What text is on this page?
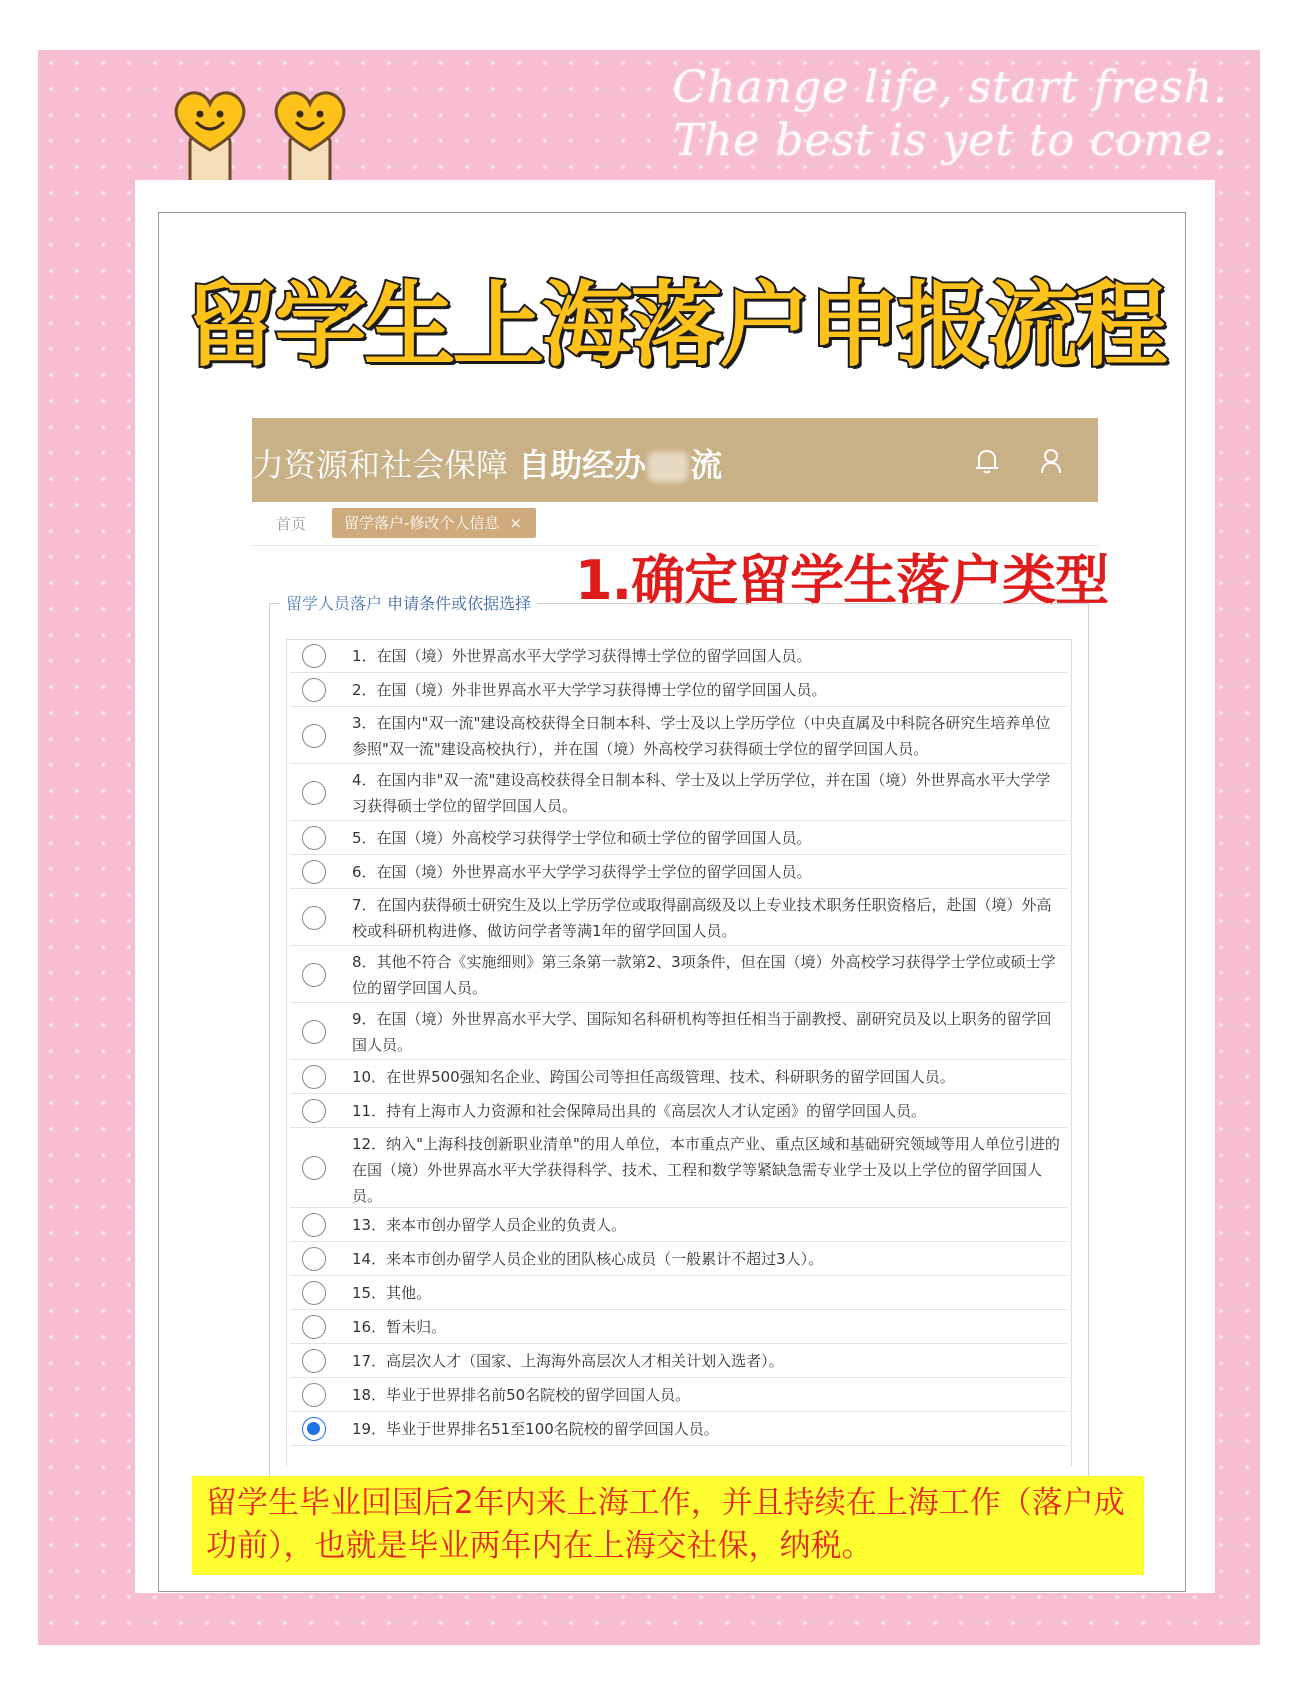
Change life, start fresh.
The best is yet to come.
留学生上海落户申报流程
力资源和社会保障 自助经办 流
首页	留学落户-修改个人信息 ×
1.确定留学生落户类型
留学人员落户 申请条件或依据选择
1．在国（境）外世界高水平大学学习获得博士学位的留学回国人员。
2．在国（境）外非世界高水平大学学习获得博士学位的留学回国人员。
3．在国内"双一流"建设高校获得全日制本科、学士及以上学历学位（中央直属及中科院各研究生培养单位参照"双一流"建设高校执行），并在国（境）外高校学习获得硕士学位的留学回国人员。
4．在国内非"双一流"建设高校获得全日制本科、学士及以上学历学位，并在国（境）外世界高水平大学学习获得硕士学位的留学回国人员。
5．在国（境）外高校学习获得学士学位和硕士学位的留学回国人员。
6．在国（境）外世界高水平大学学习获得学士学位的留学回国人员。
7．在国内获得硕士研究生及以上学历学位或取得副高级及以上专业技术职务任职资格后，赴国（境）外高校或科研机构进修、做访问学者等满1年的留学回国人员。
8．其他不符合《实施细则》第三条第一款第2、3项条件，但在国（境）外高校学习获得学士学位或硕士学位的留学回国人员。
9．在国（境）外世界高水平大学、国际知名科研机构等担任相当于副教授、副研究员及以上职务的留学回国人员。
10．在世界500强知名企业、跨国公司等担任高级管理、技术、科研职务的留学回国人员。
11．持有上海市人力资源和社会保障局出具的《高层次人才认定函》的留学回国人员。
12．纳入"上海科技创新职业清单"的用人单位，本市重点产业、重点区域和基础研究领域等用人单位引进的在国（境）外世界高水平大学获得科学、技术、工程和数学等紧缺急需专业学士及以上学位的留学回国人员。
13．来本市创办留学人员企业的负责人。
14．来本市创办留学人员企业的团队核心成员（一般累计不超过3人）。
15．其他。
16．暂未归。
17．高层次人才（国家、上海海外高层次人才相关计划入选者）。
18．毕业于世界排名前50名院校的留学回国人员。
19．毕业于世界排名51至100名院校的留学回国人员。
留学生毕业回国后2年内来上海工作，并且持续在上海工作（落户成功前），也就是毕业两年内在上海交社保，纳税。
